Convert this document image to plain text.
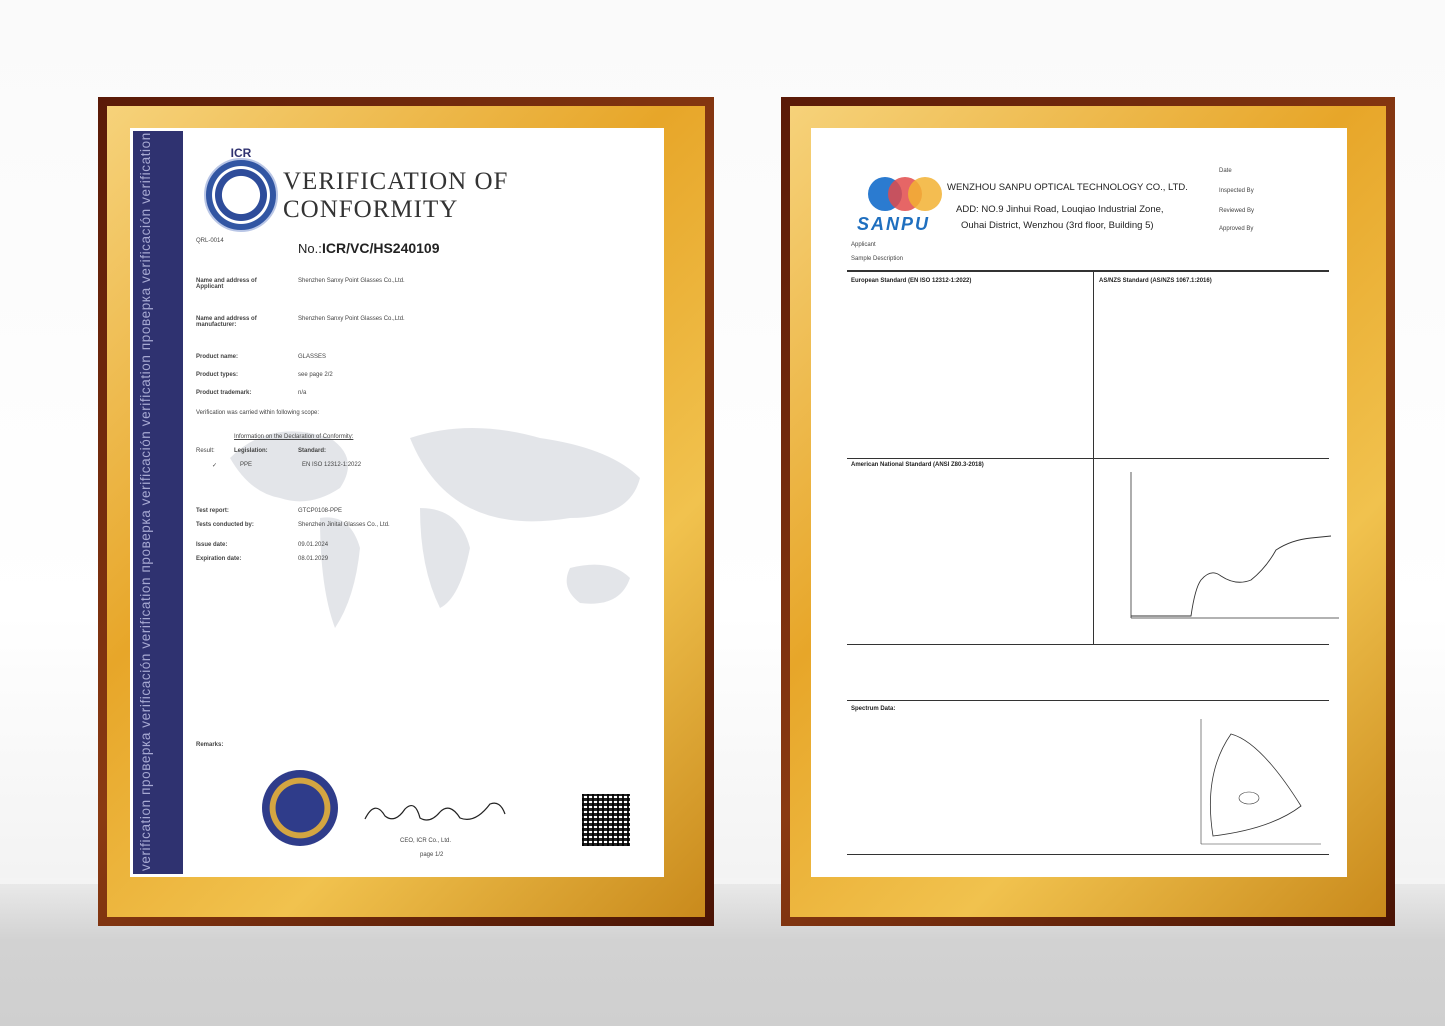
verification проверка verificación verification проверка verificación verification проверка verificación verification	ICR
VERIFICATION OF CONFORMITY
No.: ICR/VC/HS240109
QRL-0014
Name and address of Applicant
Shenzhen Sanxy Point Glasses Co.,Ltd.
Name and address of manufacturer:
Shenzhen Sanxy Point Glasses Co.,Ltd.
Product name:	GLASSES
Product types:	see page 2/2
Product trademark:	n/a
Verification was carried within following scope:
Information on the Declaration of Conformity:
Result:	Legislation:	Standard:
✓	PPE	EN ISO 12312-1:2022
Test report:	GTCP0108-PPE
Tests conducted by:	Shenzhen Jinital Glasses Co., Ltd.
Issue date:	09.01.2024
Expiration date:	08.01.2029
Remarks:
CEO, ICR Co., Ltd.
page 1/2
SANPU
WENZHOU SANPU OPTICAL TECHNOLOGY CO., LTD.
ADD: NO.9 Jinhui Road, Louqiao Industrial Zone,
Ouhai District, Wenzhou (3rd floor, Building 5)
Date
Inspected By
Reviewed By
Approved By
Applicant
Sample Description
European Standard (EN ISO 12312-1:2022)	AS/NZS Standard (AS/NZS 1067.1:2016)
American National Standard (ANSI Z80.3-2018)
Spectrum Data:
